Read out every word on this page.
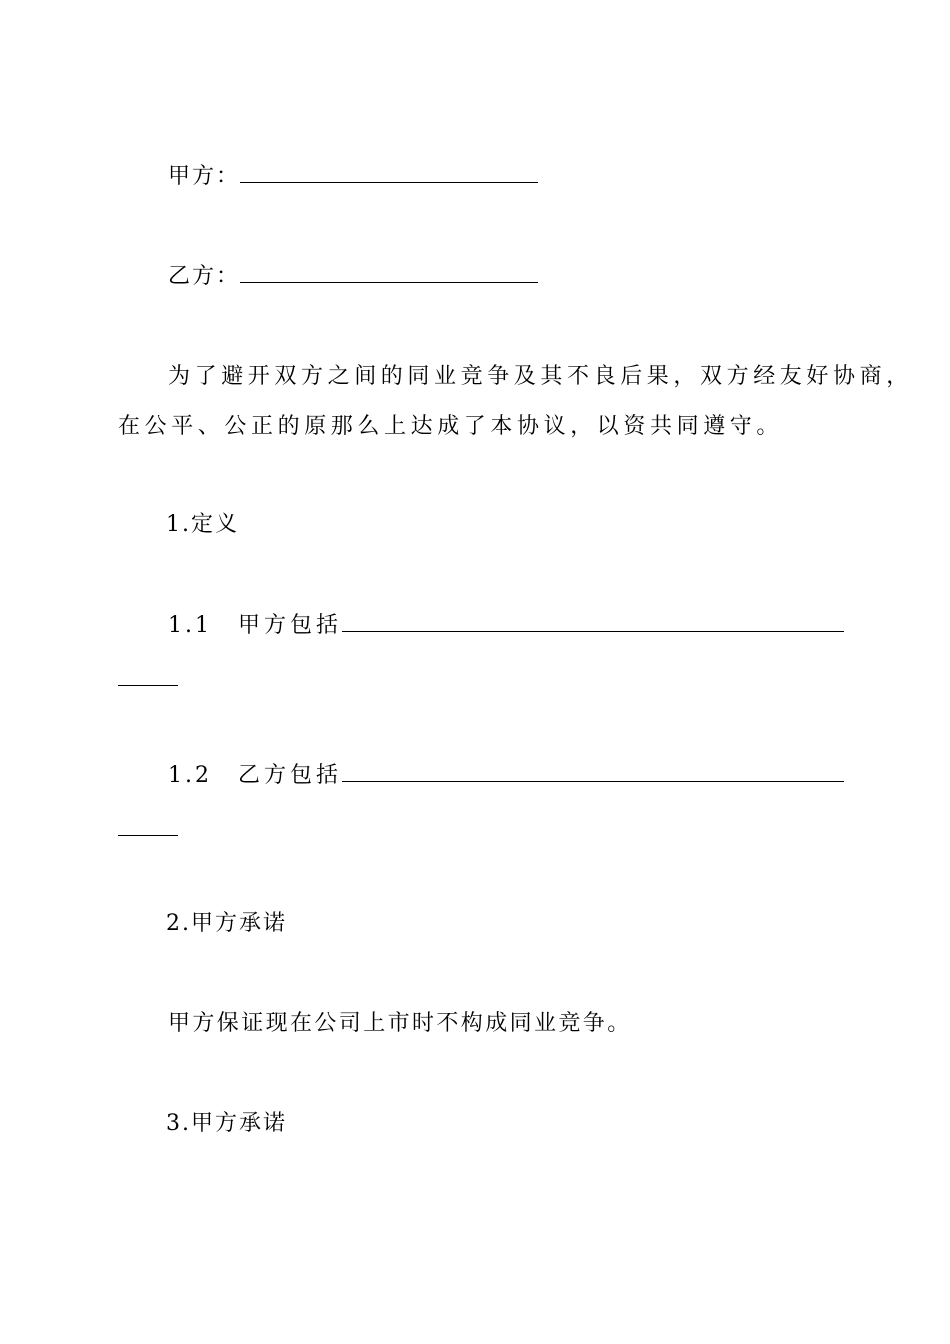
甲方：
乙方：
为了避开双方之间的同业竞争及其不良后果，双方经友好协商，
在公平、公正的原那么上达成了本协议，以资共同遵守。
1.定义
1.1 甲方包括
1.2 乙方包括
2.甲方承诺
甲方保证现在公司上市时不构成同业竞争。
3.甲方承诺
